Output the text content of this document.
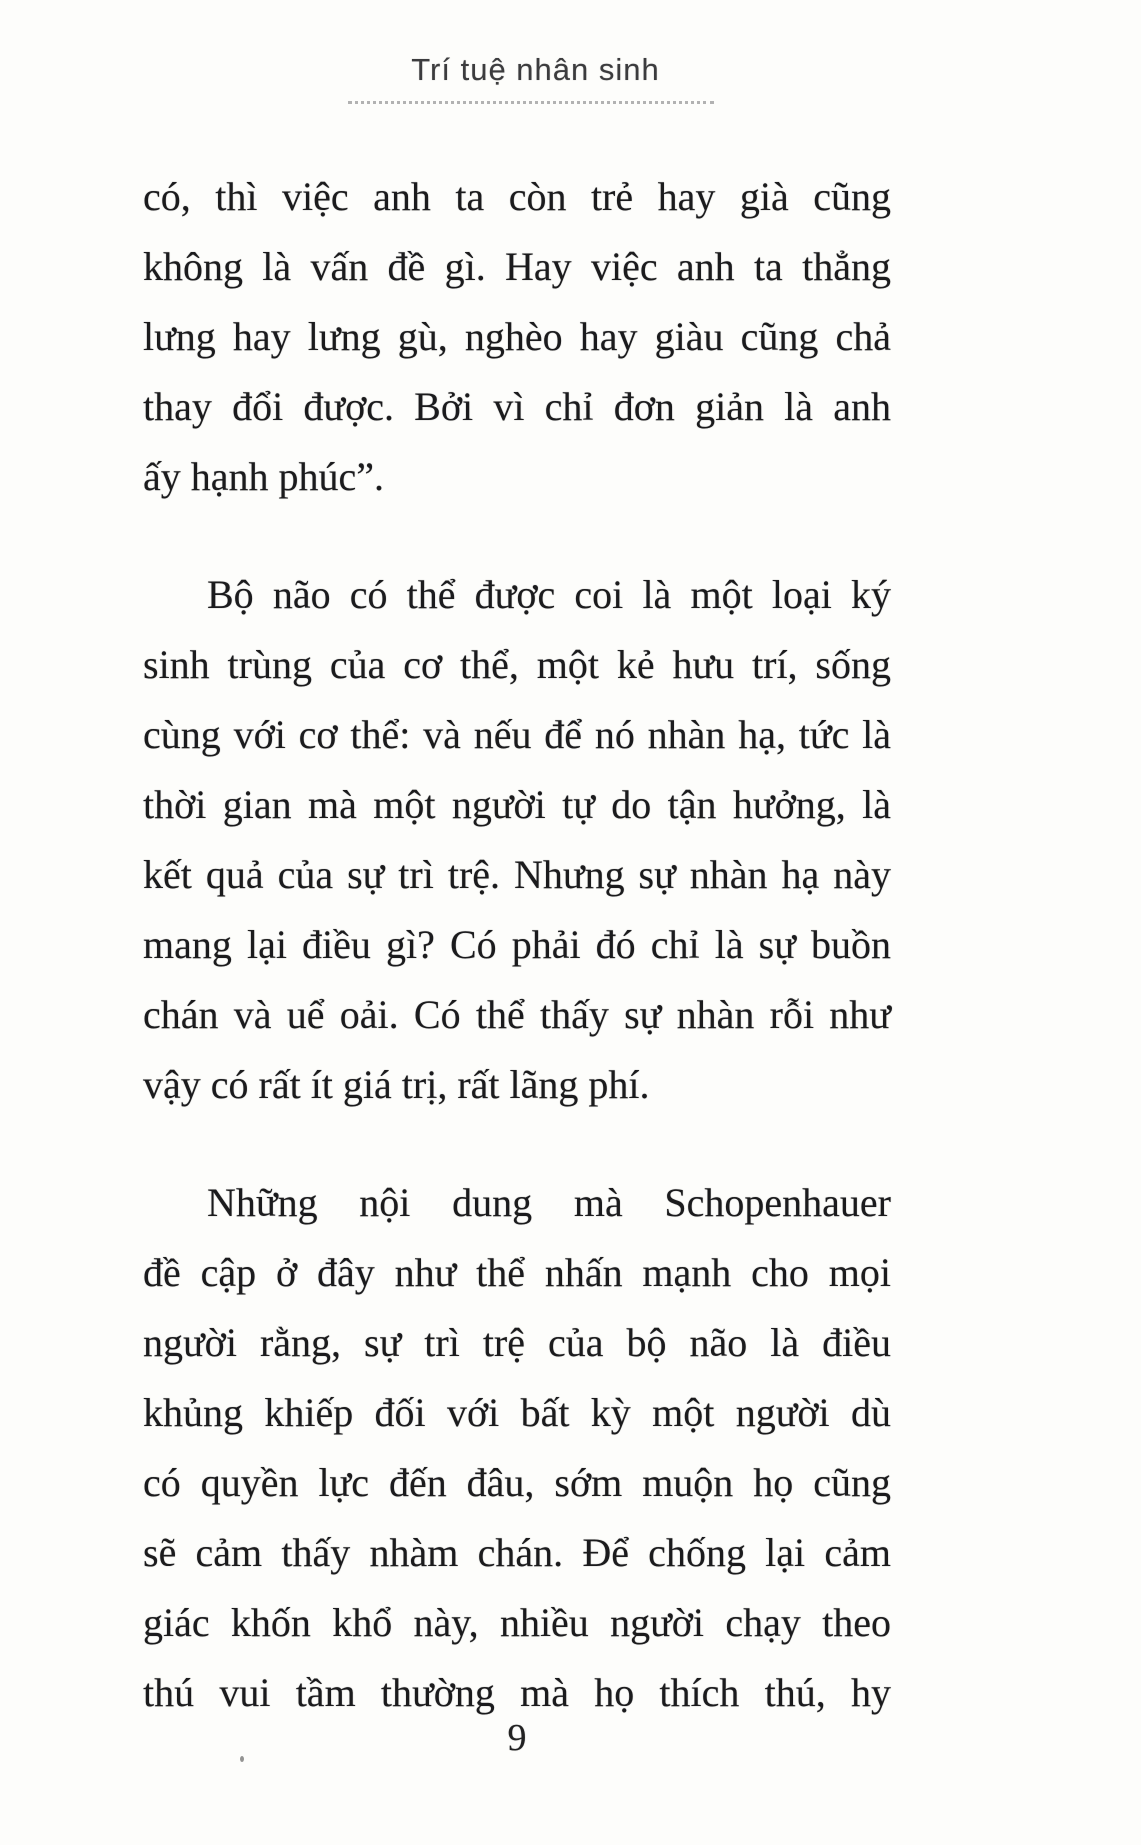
Trí tuệ nhân sinh
có, thì việc anh ta còn trẻ hay già cũng
không là vấn đề gì. Hay việc anh ta thẳng
lưng hay lưng gù, nghèo hay giàu cũng chả
thay đổi được. Bởi vì chỉ đơn giản là anh
ấy hạnh phúc”.
Bộ não có thể được coi là một loại ký
sinh trùng của cơ thể, một kẻ hưu trí, sống
cùng với cơ thể: và nếu để nó nhàn hạ, tức là
thời gian mà một người tự do tận hưởng, là
kết quả của sự trì trệ. Nhưng sự nhàn hạ này
mang lại điều gì? Có phải đó chỉ là sự buồn
chán và uể oải. Có thể thấy sự nhàn rỗi như
vậy có rất ít giá trị, rất lãng phí.
Những nội dung mà Schopenhauer
đề cập ở đây như thể nhấn mạnh cho mọi
người rằng, sự trì trệ của bộ não là điều
khủng khiếp đối với bất kỳ một người dù
có quyền lực đến đâu, sớm muộn họ cũng
sẽ cảm thấy nhàm chán. Để chống lại cảm
giác khốn khổ này, nhiều người chạy theo
thú vui tầm thường mà họ thích thú, hy
9
